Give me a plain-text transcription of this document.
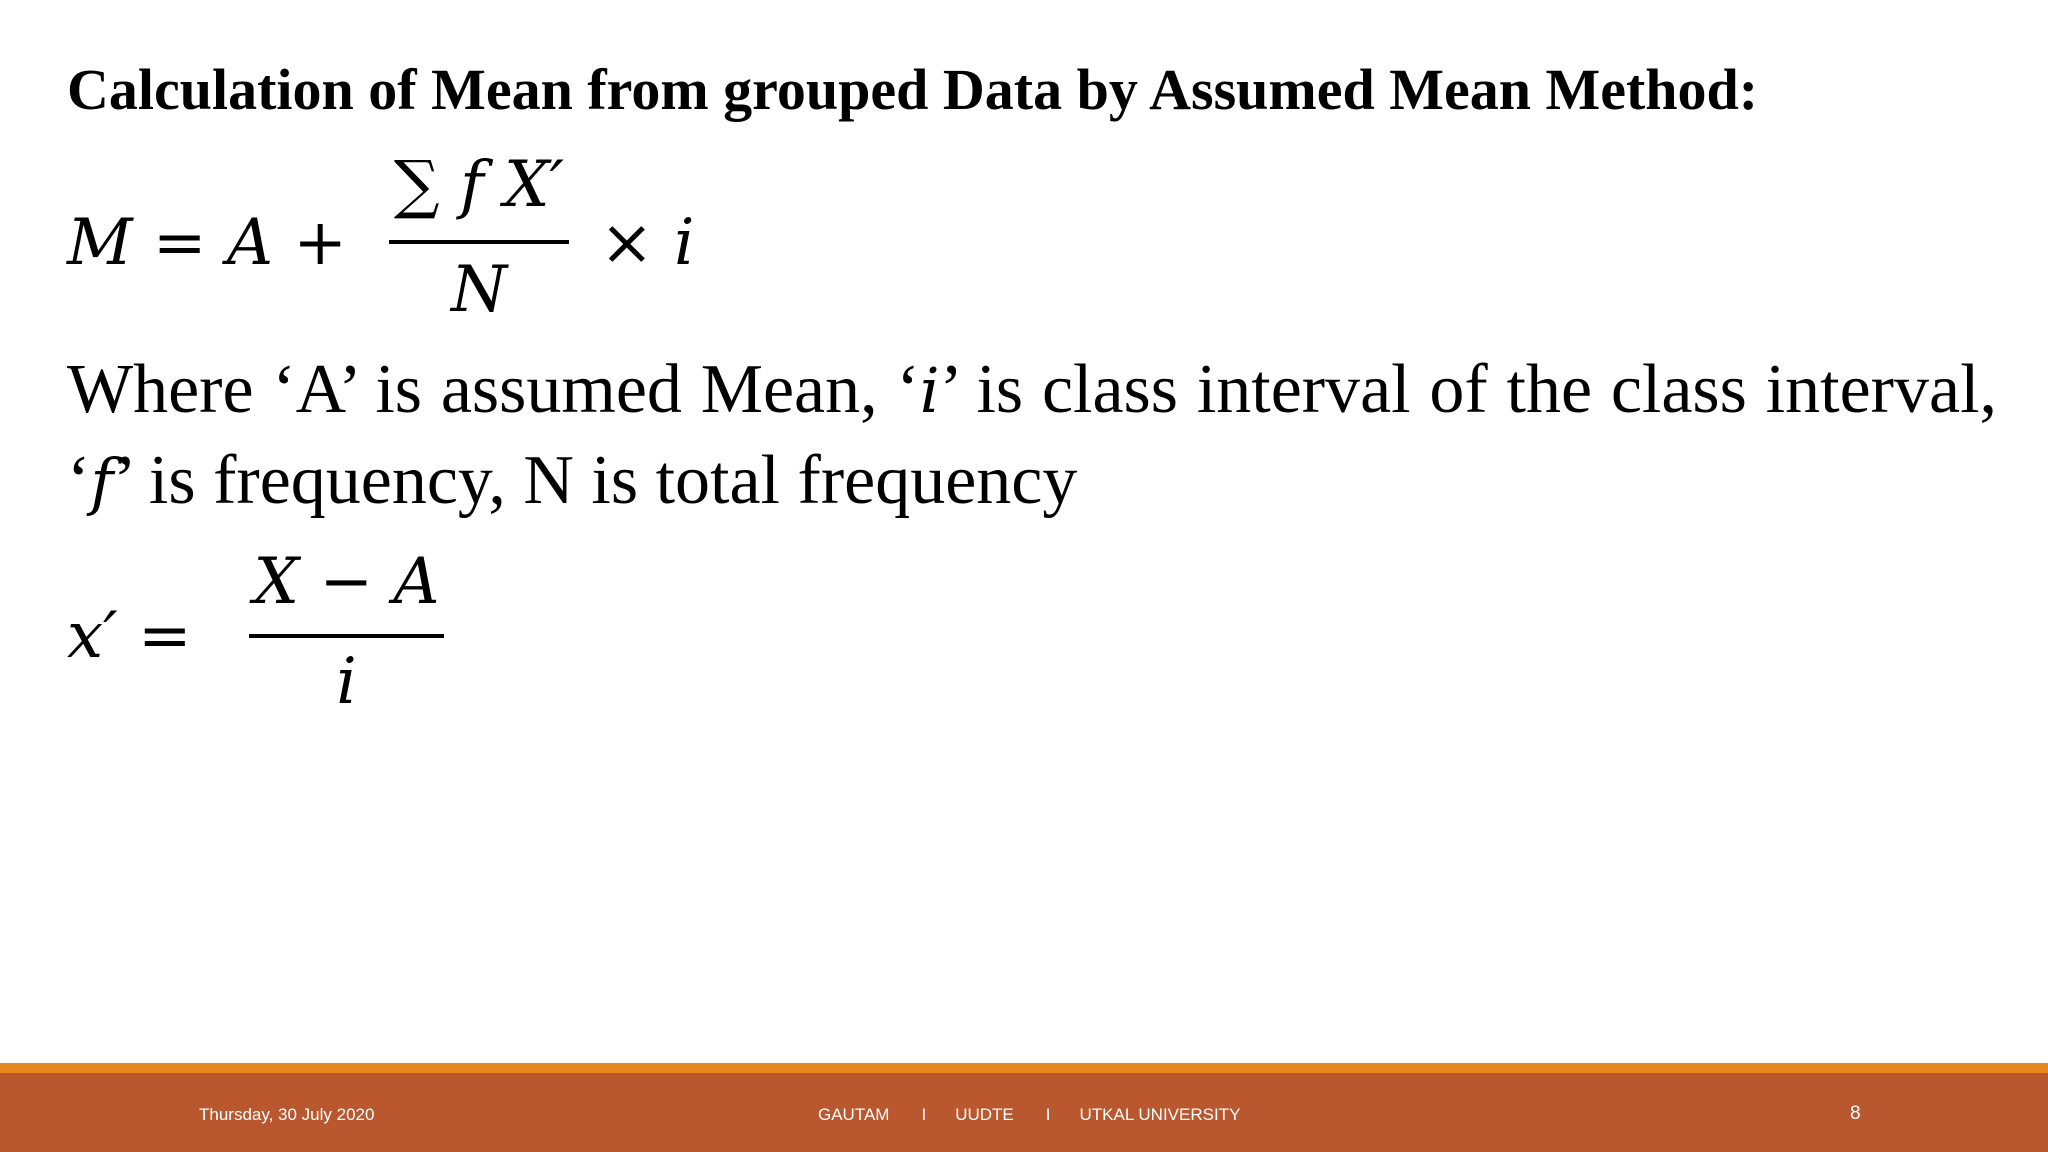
Calculation of Mean from grouped Data by Assumed Mean Method:
M = A +
∑ f X′
N
× i

Where ‘A’ is assumed Mean, ‘i’ is class interval of the class interval, ‘f’ is frequency, N is total frequency

x′ =
X − A
i
Thursday, 30 July 2020	GAUTAM I UUDTE I UTKAL UNIVERSITY	8
